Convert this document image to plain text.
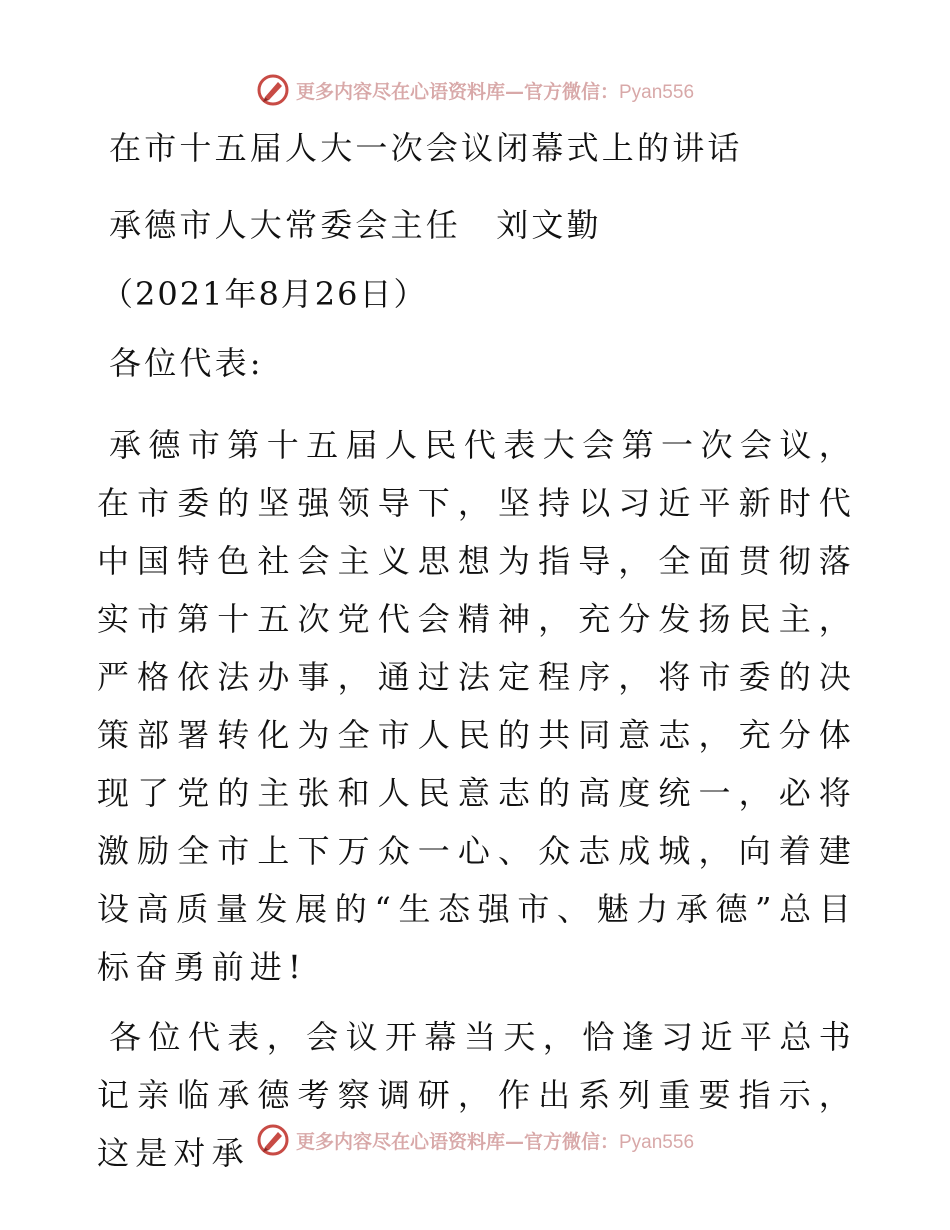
更多内容尽在心语资料库—官方微信：Pyan556
在市十五届人大一次会议闭幕式上的讲话
承德市人大常委会主任　刘文勤
（2021年8月26日）
各位代表:
承德市第十五届人民代表大会第一次会议，在市委的坚强领导下，坚持以习近平新时代中国特色社会主义思想为指导，全面贯彻落实市第十五次党代会精神，充分发扬民主，严格依法办事，通过法定程序，将市委的决策部署转化为全市人民的共同意志，充分体现了党的主张和人民意志的高度统一，必将激励全市上下万众一心、众志成城，向着建设高质量发展的“生态强市、魅力承德”总目标奋勇前进!
各位代表，会议开幕当天，恰逢习近平总书记亲临承德考察调研，作出系列重要指示，这是对承	更多内容尽在心语资料库—官方微信：Pyan556
